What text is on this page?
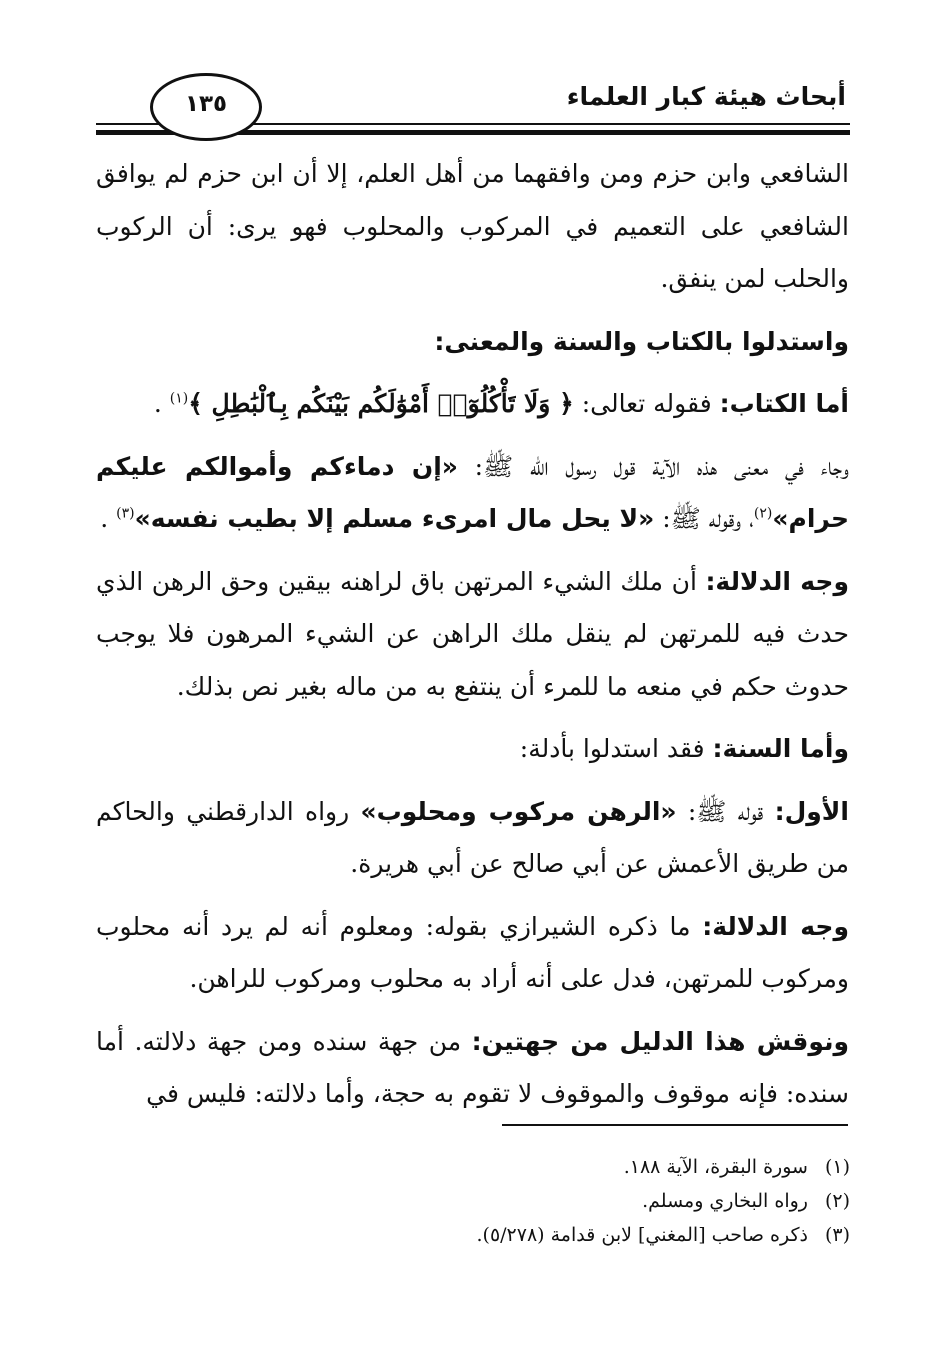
أبحاث هيئة كبار العلماء
١٣٥

الشافعي وابن حزم ومن وافقهما من أهل العلم، إلا أن ابن حزم لم يوافق الشافعي على التعميم في المركوب والمحلوب فهو يرى: أن الركوب والحلب لمن ينفق.

واستدلوا بالكتاب والسنة والمعنى:

أما الكتاب: فقوله تعالى: ﴿ وَلَا تَأْكُلُوٓا۟ أَمْوَٰلَكُم بَيْنَكُم بِٱلْبَٰطِلِ ﴾$^{(١)}$ .

وجاء في معنى هذه الآية قول رسول الله ﷺ: «إن دماءكم وأموالكم عليكم حرام»$^{(٢)}$، وقوله ﷺ: «لا يحل مال امرىء مسلم إلا بطيب نفسه»$^{(٣)}$ .

وجه الدلالة: أن ملك الشيء المرتهن باق لراهنه بيقين وحق الرهن الذي حدث فيه للمرتهن لم ينقل ملك الراهن عن الشيء المرهون فلا يوجب حدوث حكم في منعه ما للمرء أن ينتفع به من ماله بغير نص بذلك.

وأما السنة: فقد استدلوا بأدلة:

الأول: قوله ﷺ: «الرهن مركوب ومحلوب» رواه الدارقطني والحاكم من طريق الأعمش عن أبي صالح عن أبي هريرة.

وجه الدلالة: ما ذكره الشيرازي بقوله: ومعلوم أنه لم يرد أنه محلوب ومركوب للمرتهن، فدل على أنه أراد به محلوب ومركوب للراهن.

ونوقش هذا الدليل من جهتين: من جهة سنده ومن جهة دلالته. أما سنده: فإنه موقوف والموقوف لا تقوم به حجة، وأما دلالته: فليس في

(١) سورة البقرة، الآية ١٨٨.
(٢) رواه البخاري ومسلم.
(٣) ذكره صاحب [المغني] لابن قدامة (٥/٢٧٨).
